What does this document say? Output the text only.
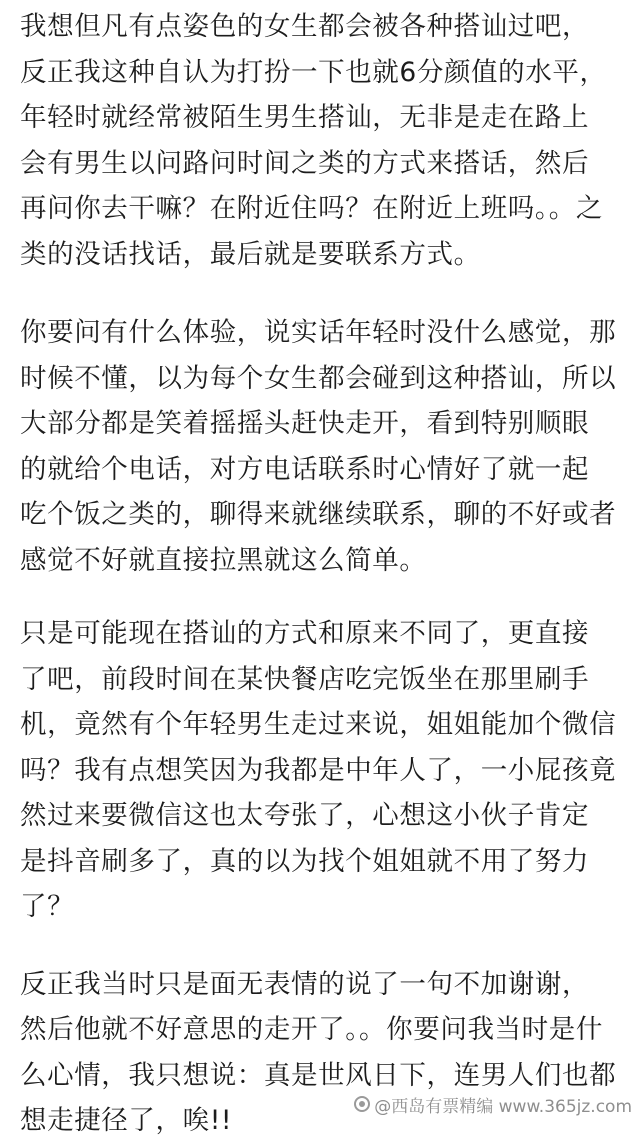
我想但凡有点姿色的女生都会被各种搭讪过吧，
反正我这种自认为打扮一下也就6分颜值的水平，
年轻时就经常被陌生男生搭讪，无非是走在路上
会有男生以问路问时间之类的方式来搭话，然后
再问你去干嘛？在附近住吗？在附近上班吗。。之
类的没话找话，最后就是要联系方式。
你要问有什么体验，说实话年轻时没什么感觉，那
时候不懂，以为每个女生都会碰到这种搭讪，所以
大部分都是笑着摇摇头赶快走开，看到特别顺眼
的就给个电话，对方电话联系时心情好了就一起
吃个饭之类的，聊得来就继续联系，聊的不好或者
感觉不好就直接拉黑就这么简单。
只是可能现在搭讪的方式和原来不同了，更直接
了吧，前段时间在某快餐店吃完饭坐在那里刷手
机，竟然有个年轻男生走过来说，姐姐能加个微信
吗？我有点想笑因为我都是中年人了，一小屁孩竟
然过来要微信这也太夸张了，心想这小伙子肯定
是抖音刷多了，真的以为找个姐姐就不用了努力
了？
反正我当时只是面无表情的说了一句不加谢谢，
然后他就不好意思的走开了。。你要问我当时是什
么心情，我只想说：真是世风日下，连男人们也都
想走捷径了，唉!!	@西岛有票精编 www.365jz.com
